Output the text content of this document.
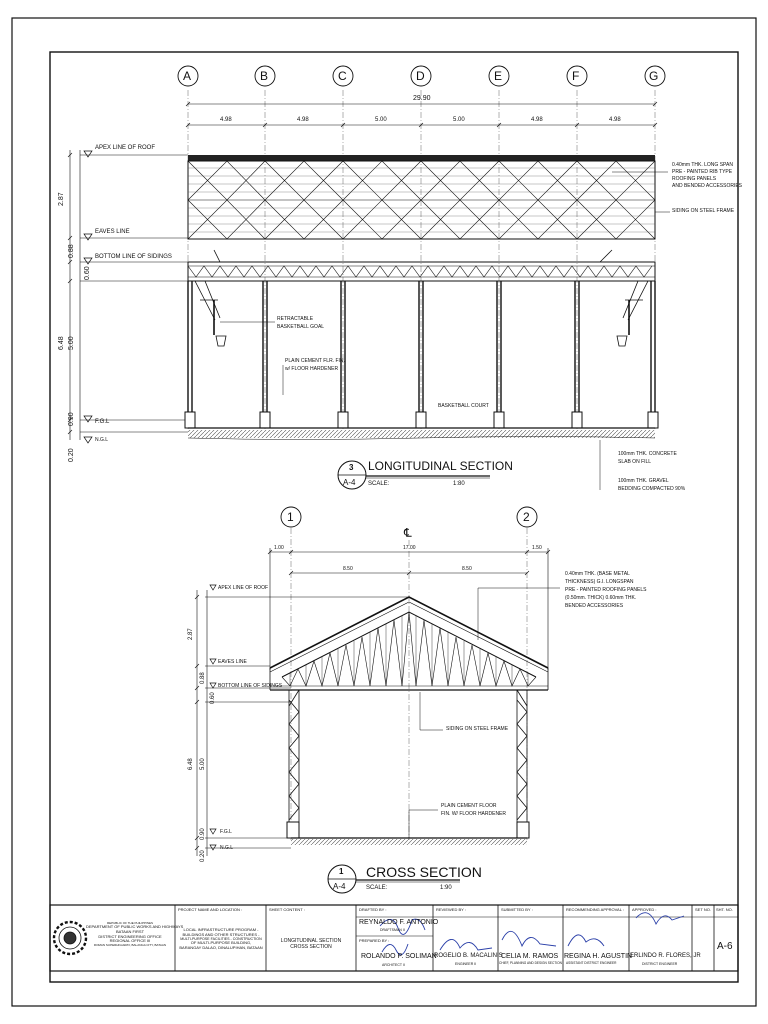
A	B	C	D	E	F	G
29.90
4.98	4.98	5.00	5.00	4.98	4.98
APEX LINE OF ROOF
EAVES LINE
BOTTOM LINE OF SIDINGS
F.G.L
N.G.L
2.87
0.88
0.60
6.48 5.00
0.90
0.20
0.40mm THK. LONG SPAN
PRE - PAINTED RIB TYPE
ROOFING PANELS
AND BENDED ACCESSORIES
SIDING ON STEEL FRAME
RETRACTABLE
BASKETBALL GOAL
PLAIN CEMENT FLR. FIN.
w/ FLOOR HARDENER
BASKETBALL COURT
100mm THK. CONCRETE
SLAB ON FILL
100mm THK. GRAVEL
BEDDING COMPACTED 90%
3
A-4
LONGITUDINAL SECTION
SCALE:	1:80
1	2
℄
1.00	17.00	1.50
8.50	8.50
APEX LINE OF ROOF
EAVES LINE
BOTTOM LINE OF SIDINGS
F.G.L
N.G.L
2.87
0.88
0.60
6.48 5.00
0.90
0.20
0.40mm THK. (BASE METAL
THICKNESS) G.I. LONGSPAN
PRE - PAINTED ROOFING PANELS
(0.50mm. THICK) 0.60mm THK.
BENDED ACCESSORIES
SIDING ON STEEL FRAME
PLAIN CEMENT FLOOR
FIN. W/ FLOOR HARDENER
1
A-4
CROSS SECTION
SCALE:	1:90
REPUBLIC OF THE PHILIPPINES
DEPARTMENT OF PUBLIC WORKS AND HIGHWAYS
BATAAN FIRST
DISTRICT ENGINEERING OFFICE
REGIONAL OFFICE III
ROMAN SUPERHIGHWAY, BALANGA CITY, BATAAN
PROJECT NAME AND LOCATION :
LOCAL INFRASTRUCTURE PROGRAM -
BUILDINGS AND OTHER STRUCTURES -
MULTI-PURPOSE FACILITIES - CONSTRUCTION
OF MULTI-PURPOSE BUILDING,
BARANGAY DALAO, DINALUPIHAN, BATAAN
SHEET CONTENT :
LONGITUDINAL SECTION
CROSS SECTION
DRAFTED BY :
REYNALDO F. ANTONIO
DRAFTSMAN II
PREPARED BY :
ROLANDO P. SOLIMAN
ARCHITECT II
REVIEWED BY :
ROGELIO B. MACALINIS
ENGINEER II
SUBMITTED BY :
CELIA M. RAMOS
CHIEF, PLANNING AND DESIGN SECTION
RECOMMENDING APPROVAL :
REGINA H. AGUSTIN
ASSISTANT DISTRICT ENGINEER
APPROVED :
ERLINDO R. FLORES, JR
DISTRICT ENGINEER
SET NO. SHT. NO.
A-6
